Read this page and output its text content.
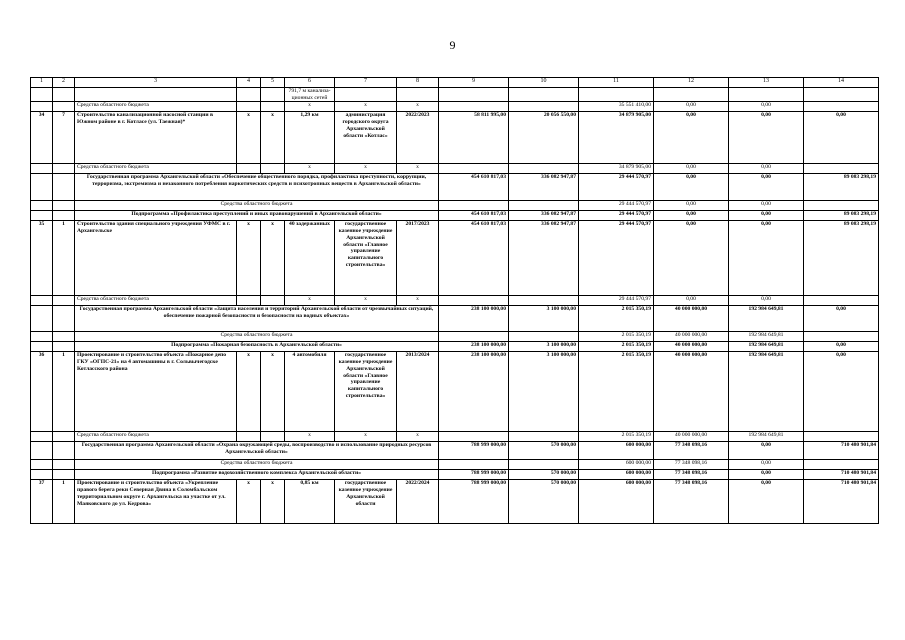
9
1	2	3	4	5	6	7	8	9	10	11	12	13	14
					791,7 м канализа-ционных сетей								
		Средства областного бюджета			х	х	х			35 551 410,00	0,00	0,00	
34	7	Строительство канализационной насосной станции в Южном районе в г. Котласе (ул. Таежная)*	х	х	1,29 км	администрация городского округа Архангельской области «Котлас»	2022/2023	58 811 995,00	20 056 550,00	34 879 905,00	0,00	0,00	0,00
		Средства областного бюджета			х	х	х			34 879 905,00	0,00	0,00	
		Государственная программа Архангельской области «Обеспечение общественного порядка, профилактика преступности, коррупции, терроризма, экстремизма и незаконного потребления наркотических средств и психотропных веществ в Архангельской области»						454 610 817,03	336 082 947,87	29 444 570,97	0,00	0,00	89 083 298,19
		Средства областного бюджета								29 444 570,97	0,00	0,00	
		Подпрограмма «Профилактика преступлений и иных правонарушений в Архангельской области»						454 610 817,03	336 082 947,87	29 444 570,97	0,00	0,00	89 083 298,19
35	1	Строительство здания специального учреждения УФМС в г. Архангельске	х	х	40 задержанных	государственное казенное учреждение Архангельской области «Главное управление капитального строительства»	2017/2023	454 610 817,03	336 082 947,87	29 444 570,97	0,00	0,00	89 083 298,19
		Средства областного бюджета			х	х	х			29 444 570,97	0,00	0,00	
		Государственная программа Архангельской области «Защита населения и территорий Архангельской области от чрезвычайных ситуаций, обеспечение пожарной безопасности и безопасности на водных объектах»						238 100 000,00	3 100 000,00	2 015 350,19	40 000 000,00	192 984 649,81	0,00
		Средства областного бюджета								2 015 350,19	40 000 000,00	192 984 649,81	
		Подпрограмма «Пожарная безопасность в Архангельской области»						238 100 000,00	3 100 000,00	2 015 350,19	40 000 000,00	192 984 649,81	0,00
36	1	Проектирование и строительство объекта «Пожарное депо ГКУ «ОГПС-21» на 4 автомашины в г. Сольвычегодске Котласского района	х	х	4 автомобиля	государственное казенное учреждение Архангельской области «Главное управление капитального строительства»	2013/2024	238 100 000,00	3 100 000,00	2 015 350,19	40 000 000,00	192 984 649,81	0,00
		Средства областного бюджета			х	х	х			2 015 350,19	40 000 000,00	192 984 649,81	
		Государственная программа Архангельской области «Охрана окружающей среды, воспроизводство и использование природных ресурсов Архангельской области»						788 999 000,00	570 000,00	600 000,00	77 348 098,16	0,00	710 480 901,84
		Средства областного бюджета								600 000,00	77 348 098,16	0,00	
		Подпрограмма «Развитие водохозяйственного комплекса Архангельской области»						788 999 000,00	570 000,00	600 000,00	77 348 098,16	0,00	710 480 901,84
37	1	Проектирование и строительство объекта «Укрепление правого берега реки Северная Двина в Соломбальском территориальном округе г. Архангельска на участке от ул. Маяковского до ул. Кедрова»	х	х	0,85 км	государственное казенное учреждение Архангельской области	2022/2024	788 999 000,00	570 000,00	600 000,00	77 348 098,16	0,00	710 480 901,84
